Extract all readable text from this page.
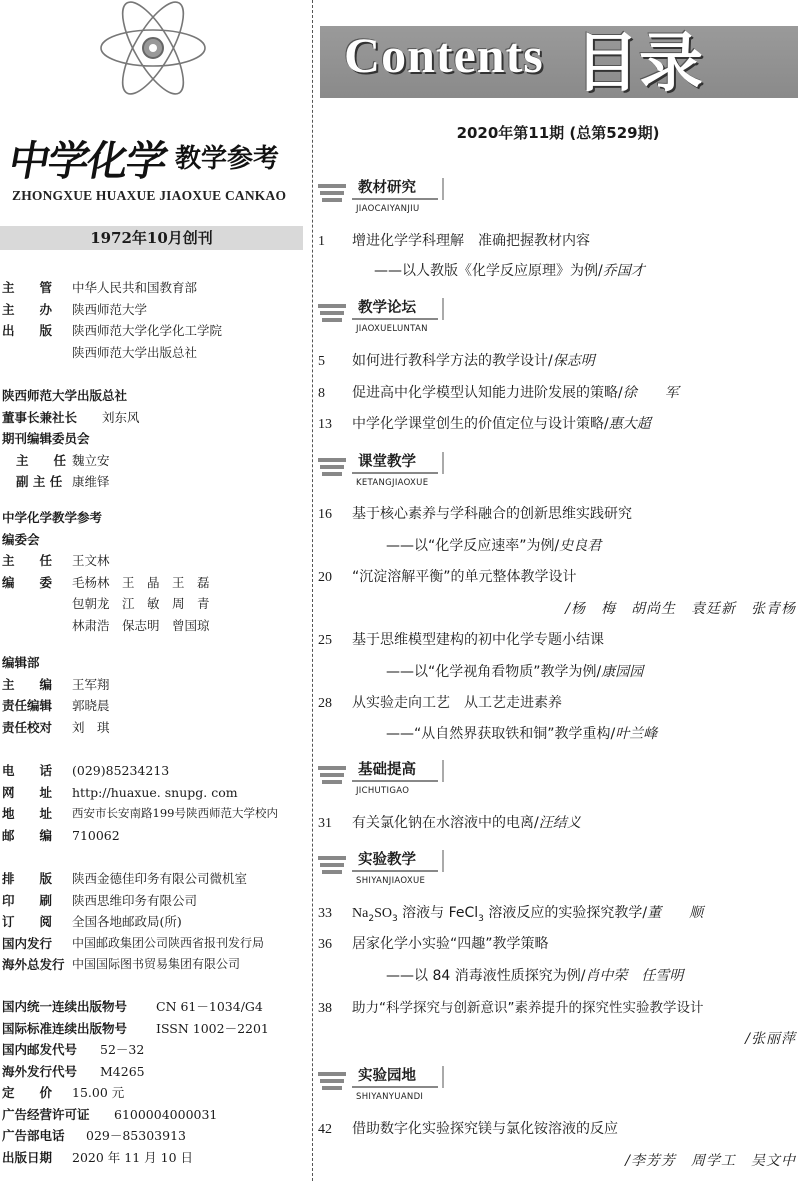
中学化学 教学参考
ZHONGXUE HUAXUE JIAOXUE CANKAO
1972年10月创刊
主　　管	中华人民共和国教育部
主　　办	陕西师范大学
出　　版	陕西师范大学化学化工学院
陕西师范大学出版总社
陕西师范大学出版总社
董事长兼社长	刘东风
期刊编辑委员会
主　　任 魏立安
副 主 任 康维铎
中学化学教学参考
编委会
主　　任	王文林
编　　委	毛杨林　王　晶　王　磊
包朝龙　江　敏　周　青
林肃浩　保志明　曾国琼
编辑部
主　　编	王军翔
责任编辑	郭晓晨
责任校对	刘　琪
电　　话	(029)85234213
网　　址	http://huaxue. snupg. com
地　　址	西安市长安南路199号陕西师范大学校内
邮　　编	710062
排　　版	陕西金德佳印务有限公司微机室
印　　刷	陕西思维印务有限公司
订　　阅	全国各地邮政局(所)
国内发行	中国邮政集团公司陕西省报刊发行局
海外总发行 中国国际图书贸易集团有限公司
国内统一连续出版物号	CN 61－1034/G4
国际标准连续出版物号	ISSN 1002－2201
国内邮发代号	52－32
海外发行代号	M4265
定　　价	15.00 元
广告经营许可证	6100004000031
广告部电话	029－85303913
出版日期	2020 年 11 月 10 日
Contents 目录
2020年第11期 (总第529期)
教材研究
JIAOCAIYANJIU
1 增进化学学科理解　准确把握教材内容
——以人教版《化学反应原理》为例/乔国才
教学论坛
JIAOXUELUNTAN
5 如何进行教科学方法的教学设计/保志明
8 促进高中化学模型认知能力进阶发展的策略/徐　　军
13 中学化学课堂创生的价值定位与设计策略/惠大超
课堂教学
KETANGJIAOXUE
16 基于核心素养与学科融合的创新思维实践研究
——以“化学反应速率”为例/史良君
20 “沉淀溶解平衡”的单元整体教学设计
/杨　梅　胡尚生　袁廷新　张青杨
25 基于思维模型建构的初中化学专题小结课
——以“化学视角看物质”教学为例/康园园
28 从实验走向工艺　从工艺走进素养
——“从自然界获取铁和铜”教学重构/叶兰峰
基础提高
JICHUTIGAO
31 有关氯化钠在水溶液中的电离/汪结义
实验教学
SHIYANJIAOXUE
33 $Na_2SO_3$ 溶液与 FeCl$_3$ 溶液反应的实验探究教学/董　　顺
36 居家化学小实验“四趣”教学策略
——以 84 消毒液性质探究为例/肖中荣　任雪明
38 助力“科学探究与创新意识”素养提升的探究性实验教学设计
/张丽萍
实验园地
SHIYANYUANDI
42 借助数字化实验探究镁与氯化铵溶液的反应
/李芳芳　周学工　吴文中
